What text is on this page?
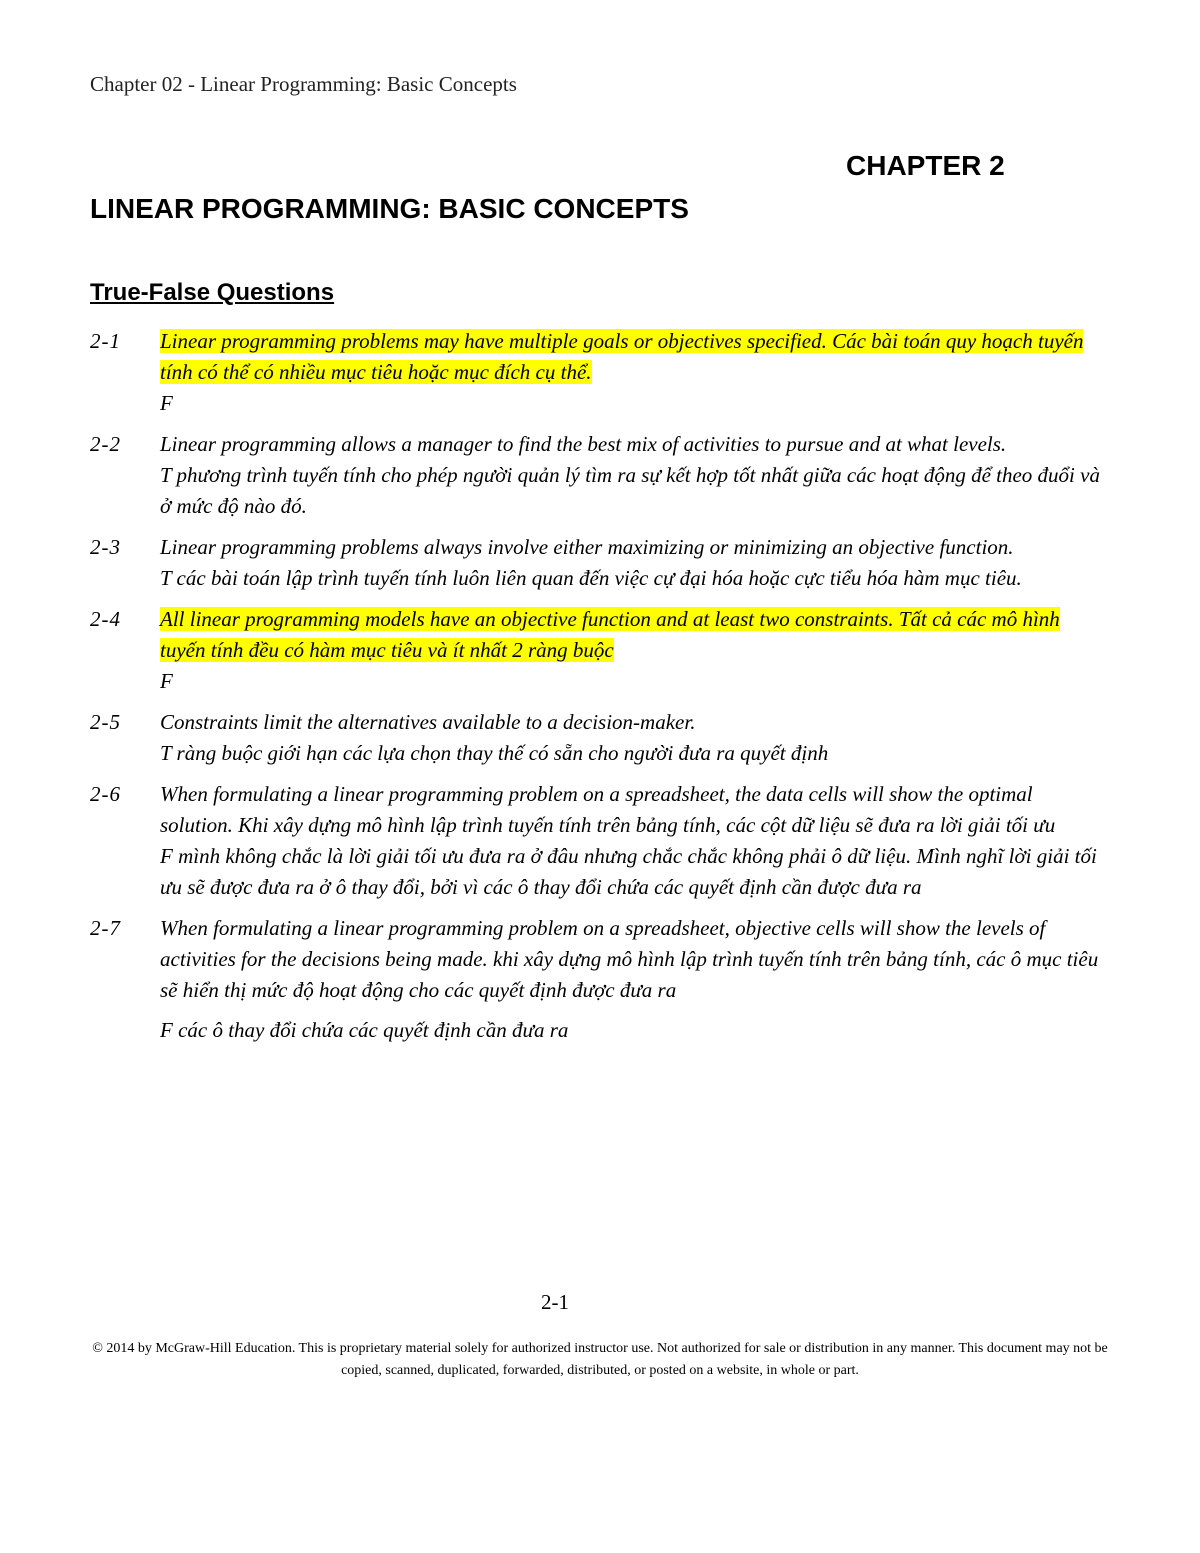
Chapter 02 - Linear Programming: Basic Concepts
CHAPTER 2
LINEAR PROGRAMMING: BASIC CONCEPTS
True-False Questions
2-1	Linear programming problems may have multiple goals or objectives specified. Các bài toán quy hoạch tuyến tính có thể có nhiều mục tiêu hoặc mục đích cụ thể.

F

2-2	Linear programming allows a manager to find the best mix of activities to pursue and at what levels.

T phương trình tuyến tính cho phép người quản lý tìm ra sự kết hợp tốt nhất giữa các hoạt động để theo đuổi và ở mức độ nào đó.

2-3	Linear programming problems always involve either maximizing or minimizing an objective function.

T các bài toán lập trình tuyến tính luôn liên quan đến việc cự đại hóa hoặc cực tiểu hóa hàm mục tiêu.

2-4	All linear programming models have an objective function and at least two constraints. Tất cả các mô hình tuyến tính đều có hàm mục tiêu và ít nhất 2 ràng buộc

F

2-5	Constraints limit the alternatives available to a decision-maker.

T ràng buộc giới hạn các lựa chọn thay thế có sẵn cho người đưa ra quyết định

2-6	When formulating a linear programming problem on a spreadsheet, the data cells will show the optimal solution. Khi xây dựng mô hình lập trình tuyến tính trên bảng tính, các cột dữ liệu sẽ đưa ra lời giải tối ưu

F mình không chắc là lời giải tối ưu đưa ra ở đâu nhưng chắc chắc không phải ô dữ liệu. Mình nghĩ lời giải tối ưu sẽ được đưa ra ở ô thay đổi, bởi vì các ô thay đổi chứa các quyết định cần được đưa ra

2-7	When formulating a linear programming problem on a spreadsheet, objective cells will show the levels of activities for the decisions being made. khi xây dựng mô hình lập trình tuyến tính trên bảng tính, các ô mục tiêu sẽ hiển thị mức độ hoạt động cho các quyết định được đưa ra

F các ô thay đổi chứa các quyết định cần đưa ra

2-1
© 2014 by McGraw-Hill Education. This is proprietary material solely for authorized instructor use. Not authorized for sale or distribution in any manner. This document may not be copied, scanned, duplicated, forwarded, distributed, or posted on a website, in whole or part.
